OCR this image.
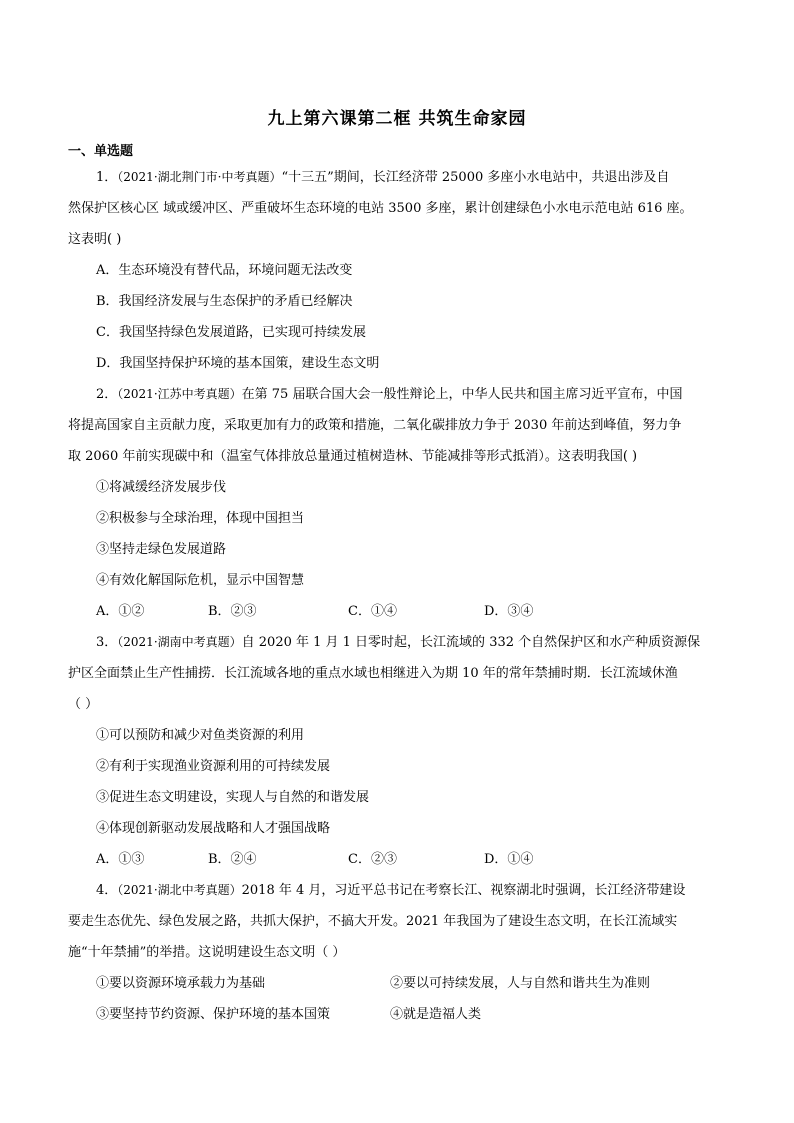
九上第六课第二框 共筑生命家园
一、单选题
1．（2021·湖北荆门市·中考真题）“十三五”期间，长江经济带 25000 多座小水电站中，共退出涉及自
然保护区核心区 域或缓冲区、严重破坏生态环境的电站 3500 多座，累计创建绿色小水电示范电站 616 座。
这表明( )
A．生态环境没有替代品，环境问题无法改变
B．我国经济发展与生态保护的矛盾已经解决
C．我国坚持绿色发展道路，已实现可持续发展
D．我国坚持保护环境的基本国策，建设生态文明
2．（2021·江苏中考真题）在第 75 届联合国大会一般性辩论上，中华人民共和国主席习近平宣布，中国
将提高国家自主贡献力度，采取更加有力的政策和措施，二氧化碳排放力争于 2030 年前达到峰值，努力争
取 2060 年前实现碳中和（温室气体排放总量通过植树造林、节能减排等形式抵消）。这表明我国( )
①将减缓经济发展步伐
②积极参与全球治理，体现中国担当
③坚持走绿色发展道路
④有效化解国际危机，显示中国智慧
A．①②	B．②③	C．①④	D．③④
3．（2021·湖南中考真题）自 2020 年 1 月 1 日零时起，长江流域的 332 个自然保护区和水产种质资源保
护区全面禁止生产性捕捞．长江流域各地的重点水域也相继进入为期 10 年的常年禁捕时期．长江流域休渔
（ ）
①可以预防和减少对鱼类资源的利用
②有利于实现渔业资源利用的可持续发展
③促进生态文明建设，实现人与自然的和谐发展
④体现创新驱动发展战略和人才强国战略
A．①③	B．②④	C．②③	D．①④
4．（2021·湖北中考真题）2018 年 4 月，习近平总书记在考察长江、视察湖北时强调，长江经济带建设
要走生态优先、绿色发展之路，共抓大保护，不搞大开发。2021 年我国为了建设生态文明，在长江流域实
施“十年禁捕”的举措。这说明建设生态文明（ ）
①要以资源环境承载力为基础	②要以可持续发展，人与自然和谐共生为准则
③要坚持节约资源、保护环境的基本国策	④就是造福人类
